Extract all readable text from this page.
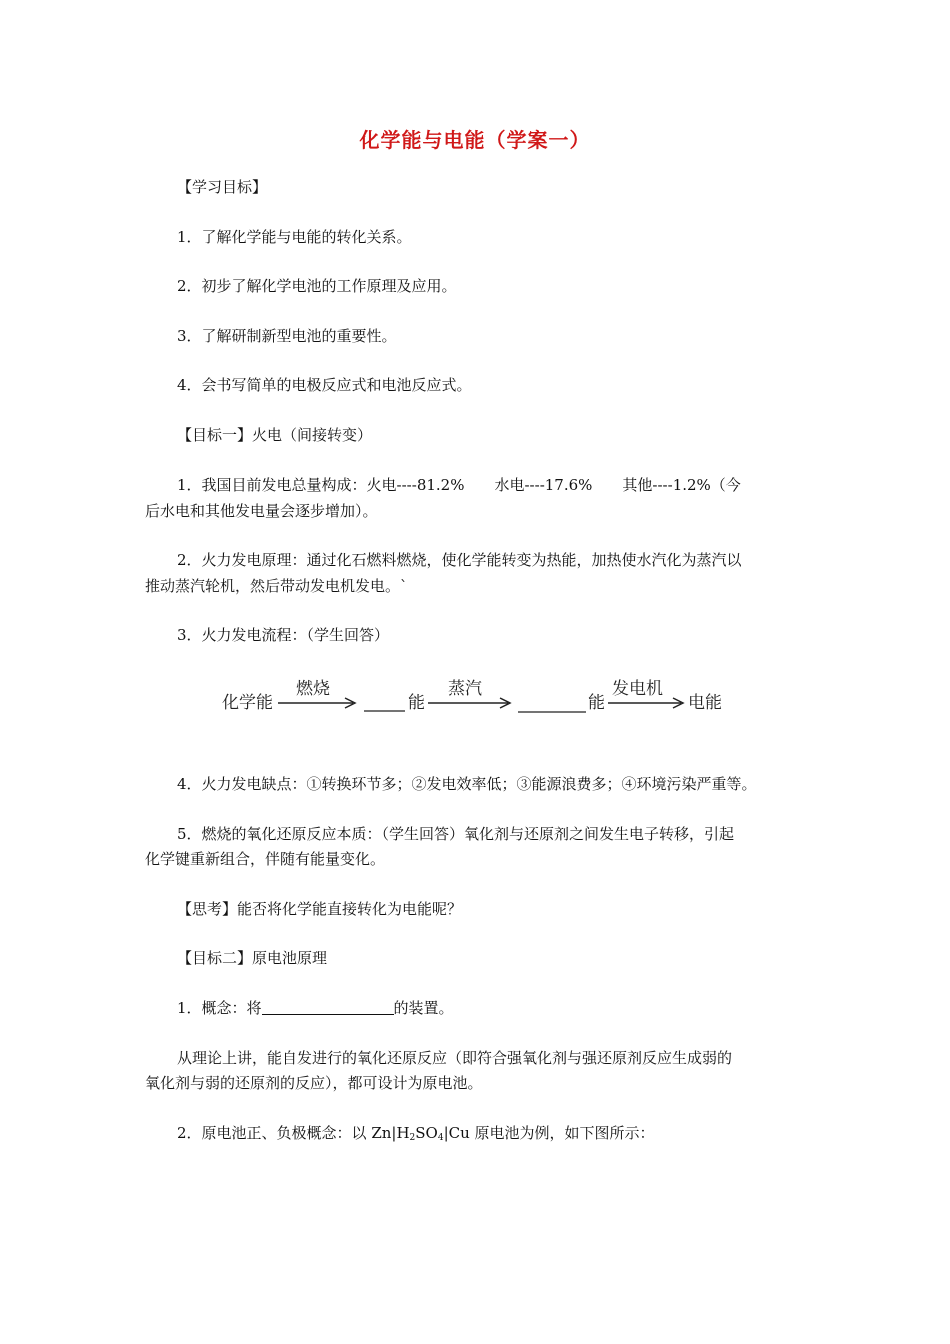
化学能与电能（学案一）
【学习目标】
1．了解化学能与电能的转化关系。
2．初步了解化学电池的工作原理及应用。
3．了解研制新型电池的重要性。
4．会书写简单的电极反应式和电池反应式。
【目标一】火电（间接转变）
1．我国目前发电总量构成：火电----81.2% 水电----17.6% 其他----1.2%（今
后水电和其他发电量会逐步增加）。
2．火力发电原理：通过化石燃料燃烧，使化学能转变为热能，加热使水汽化为蒸汽以
推动蒸汽轮机，然后带动发电机发电。`
3．火力发电流程：（学生回答）
化学能
燃烧
能
蒸汽
能
发电机
电能
4．火力发电缺点：①转换环节多；②发电效率低；③能源浪费多；④环境污染严重等。
5．燃烧的氧化还原反应本质：（学生回答）氧化剂与还原剂之间发生电子转移，引起
化学键重新组合，伴随有能量变化。
【思考】能否将化学能直接转化为电能呢？
【目标二】原电池原理
1．概念：将	的装置。
从理论上讲，能自发进行的氧化还原反应（即符合强氧化剂与强还原剂反应生成弱的
氧化剂与弱的还原剂的反应），都可设计为原电池。
2．原电池正、负极概念：以 $Zn|H_2SO_4|Cu$ 原电池为例，如下图所示：
